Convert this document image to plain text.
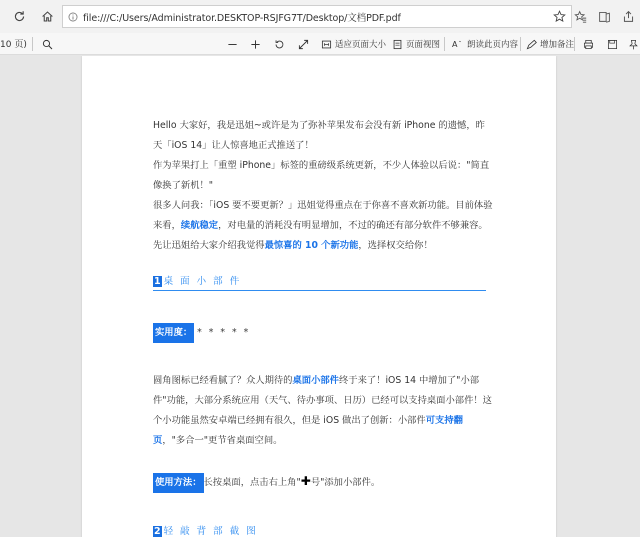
file:///C:/Users/Administrator.DESKTOP-RSJFG7T/Desktop/文档PDF.pdf
10 页)	适应页面大小 页面视图 A 朗读此页内容	增加备注

Hello 大家好，我是迅姐~或许是为了弥补苹果发布会没有新 iPhone 的遗憾，昨天「iOS 14」让人惊喜地正式推送了！

作为苹果打上「重塑 iPhone」标签的重磅级系统更新，不少人体验以后说："简直像换了新机！"

很多人问我：「iOS 要不要更新？」迅姐觉得重点在于你喜不喜欢新功能。目前体验来看，续航稳定，对电量的消耗没有明显增加，不过的确还有部分软件不够兼容。先让迅姐给大家介绍我觉得最惊喜的 10 个新功能，选择权交给你！

1 桌 面 小 部 件

实用度： * * * * *

圆角图标已经看腻了？众人期待的桌面小部件终于来了！iOS 14 中增加了"小部件"功能，大部分系统应用（天气、待办事项、日历）已经可以支持桌面小部件！这个小功能虽然安卓端已经拥有很久，但是 iOS 做出了创新：小部件可支持翻页，"多合一"更节省桌面空间。

使用方法： 长按桌面，点击右上角"✚号"添加小部件。

2 轻 敲 背 部 截 图
